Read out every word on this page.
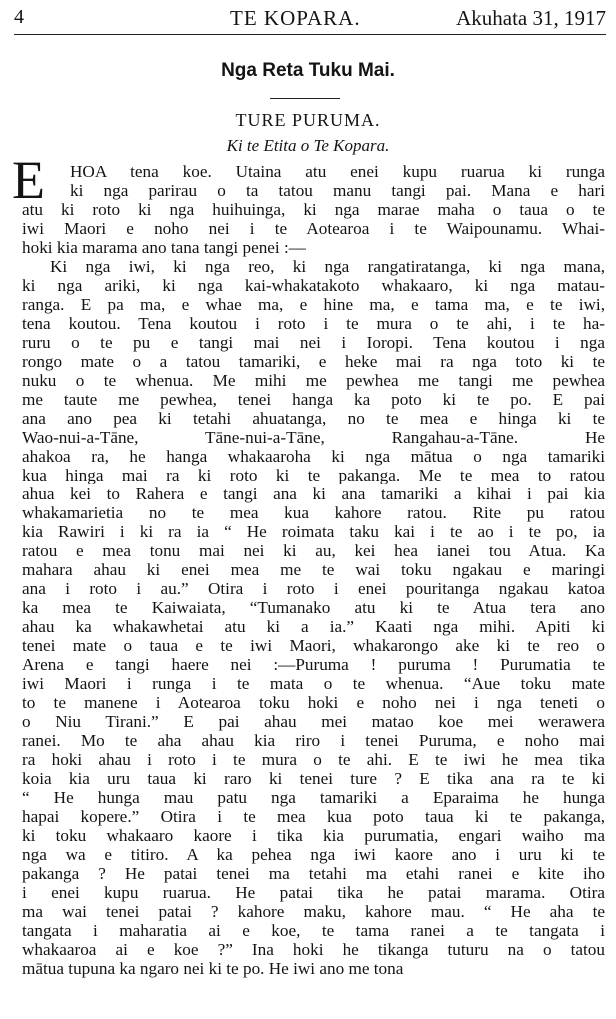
4	TE KOPARA.	Akuhata 31, 1917
Nga Reta Tuku Mai.
TURE PURUMA.
Ki te Etita o Te Kopara.
E	HOA tena koe. Utaina atu enei kupu ruarua ki runga
ki nga parirau o ta tatou manu tangi pai. Mana e hari
atu ki roto ki nga huihuinga, ki nga marae maha o taua o te
iwi Maori e noho nei i te Aotearoa i te Waipounamu. Whai-
hoki kia marama ano tana tangi penei :—
Ki nga iwi, ki nga reo, ki nga rangatiratanga, ki nga mana,
ki nga ariki, ki nga kai-whakatakoto whakaaro, ki nga matau-
ranga. E pa ma, e whae ma, e hine ma, e tama ma, e te iwi,
tena koutou. Tena koutou i roto i te mura o te ahi, i te ha-
ruru o te pu e tangi mai nei i Ioropi. Tena koutou i nga
rongo mate o a tatou tamariki, e heke mai ra nga toto ki te
nuku o te whenua. Me mihi me pewhea me tangi me pewhea
me taute me pewhea, tenei hanga ka poto ki te po. E pai
ana ano pea ki tetahi ahuatanga, no te mea e hinga ki te
Wao-nui-a-Tāne, Tāne-nui-a-Tāne, Rangahau-a-Tāne. He
ahakoa ra, he hanga whakaaroha ki nga mātua o nga tamariki
kua hinga mai ra ki roto ki te pakanga. Me te mea to ratou
ahua kei to Rahera e tangi ana ki ana tamariki a kihai i pai kia
whakamarietia no te mea kua kahore ratou. Rite pu ratou
kia Rawiri i ki ra ia “ He roimata taku kai i te ao i te po, ia
ratou e mea tonu mai nei ki au, kei hea ianei tou Atua. Ka
mahara ahau ki enei mea me te wai toku ngakau e maringi
ana i roto i au.” Otira i roto i enei pouritanga ngakau katoa
ka mea te Kaiwaiata, “Tumanako atu ki te Atua tera ano
ahau ka whakawhetai atu ki a ia.” Kaati nga mihi. Apiti ki
tenei mate o taua e te iwi Maori, whakarongo ake ki te reo o
Arena e tangi haere nei :—Puruma ! puruma ! Purumatia te
iwi Maori i runga i te mata o te whenua. “Aue toku mate
to te manene i Aotearoa toku hoki e noho nei i nga teneti o
o Niu Tirani.” E pai ahau mei matao koe mei werawera
ranei. Mo te aha ahau kia riro i tenei Puruma, e noho mai
ra hoki ahau i roto i te mura o te ahi. E te iwi he mea tika
koia kia uru taua ki raro ki tenei ture ? E tika ana ra te ki
“ He hunga mau patu nga tamariki a Eparaima he hunga
hapai kopere.” Otira i te mea kua poto taua ki te pakanga,
ki toku whakaaro kaore i tika kia purumatia, engari waiho ma
nga wa e titiro. A ka pehea nga iwi kaore ano i uru ki te
pakanga ? He patai tenei ma tetahi ma etahi ranei e kite iho
i enei kupu ruarua. He patai tika he patai marama. Otira
ma wai tenei patai ? kahore maku, kahore mau. “ He aha te
tangata i maharatia ai e koe, te tama ranei a te tangata i
whakaaroa ai e koe ?” Ina hoki he tikanga tuturu na o tatou
mātua tupuna ka ngaro nei ki te po. He iwi ano me tona
